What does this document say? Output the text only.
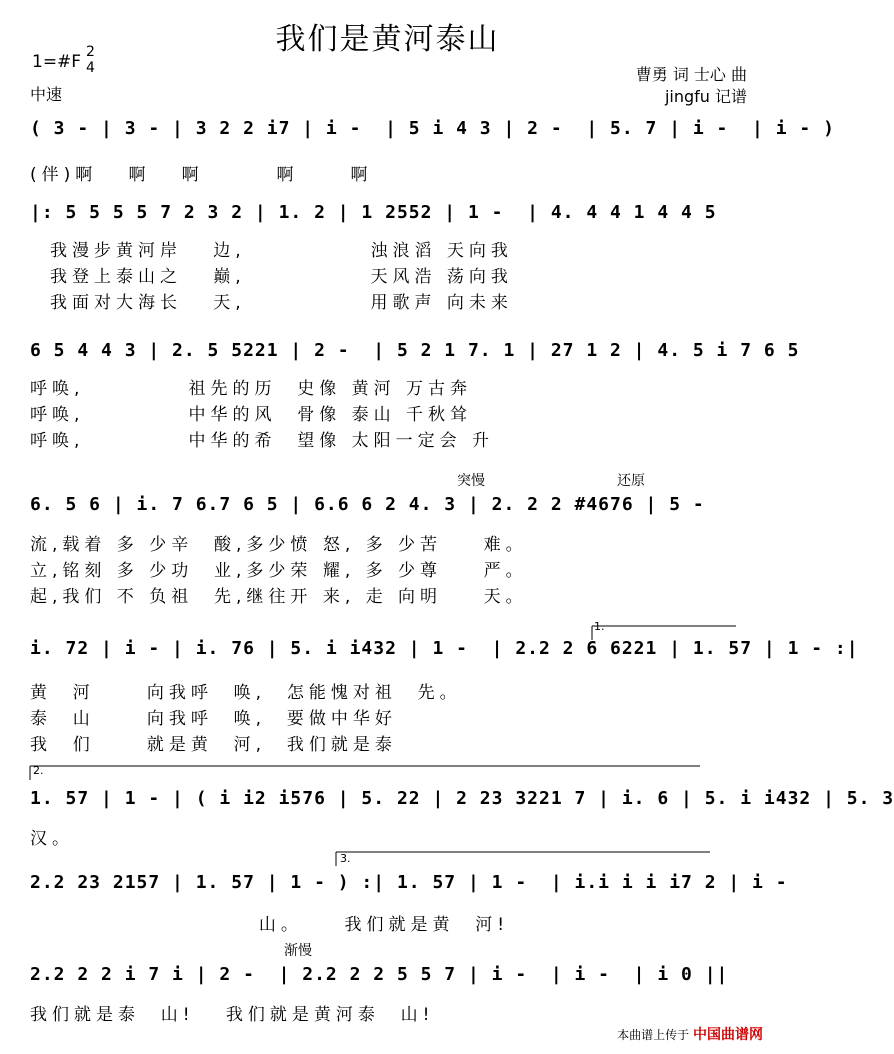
我们是黄河泰山
1=#F 2
4
中速
曹勇 词 士心 曲
jingfu 记谱
( 3 - | 3 - | 3 2 2 i7 | i -  | 5 i 4 3 | 2 -  | 5. 7 | i -  | i - )
(伴)啊   啊   啊       啊     啊
|: 5 5 5 5 7 2 3 2 | 1. 2 | 1 2552 | 1 -  | 4. 4 4 1 4 4 5
我漫步黄河岸   边,            浊浪滔 天向我
我登上泰山之   巅,            天风浩 荡向我
我面对大海长   天,            用歌声 向未来
6 5 4 4 3 | 2. 5 5221 | 2 -  | 5 2 1 7. 1 | 27 1 2 | 4. 5 i 7 6 5
呼唤,          祖先的历  史像 黄河 万古奔
呼唤,          中华的风  骨像 泰山 千秋耸
呼唤,          中华的希  望像 太阳一定会 升
突慢	还原
6. 5 6 | i. 7 6.7 6 5 | 6.6 6 2 4. 3 | 2. 2 2 #4676 | 5 -
流,载着 多 少辛  酸,多少愤 怒, 多 少苦    难。
立,铭刻 多 少功  业,多少荣 耀, 多 少尊    严。
起,我们 不 负祖  先,继往开 来, 走 向明    天。
1.
i. 72 | i - | i. 76 | 5. i i432 | 1 -  | 2.2 2 6 6221 | 1. 57 | 1 - :|
黄  河     向我呼  唤,  怎能愧对祖  先。
泰  山     向我呼  唤,  要做中华好
我  们     就是黄  河,  我们就是泰
2.
1. 57 | 1 - | ( i i2 i576 | 5. 22 | 2 23 3221 7 | i. 6 | 5. i i432 | 5. 3
汉。
3.
2.2 23 2157 | 1. 57 | 1 - ) :| 1. 57 | 1 -  | i.i i i i7 2 | i -
山。    我们就是黄  河!
渐慢
2.2 2 2 i 7 i | 2 -  | 2.2 2 2 5 5 7 | i -  | i -  | i 0 ||
我们就是泰  山!   我们就是黄河泰  山!
本曲谱上传于 中国曲谱网
